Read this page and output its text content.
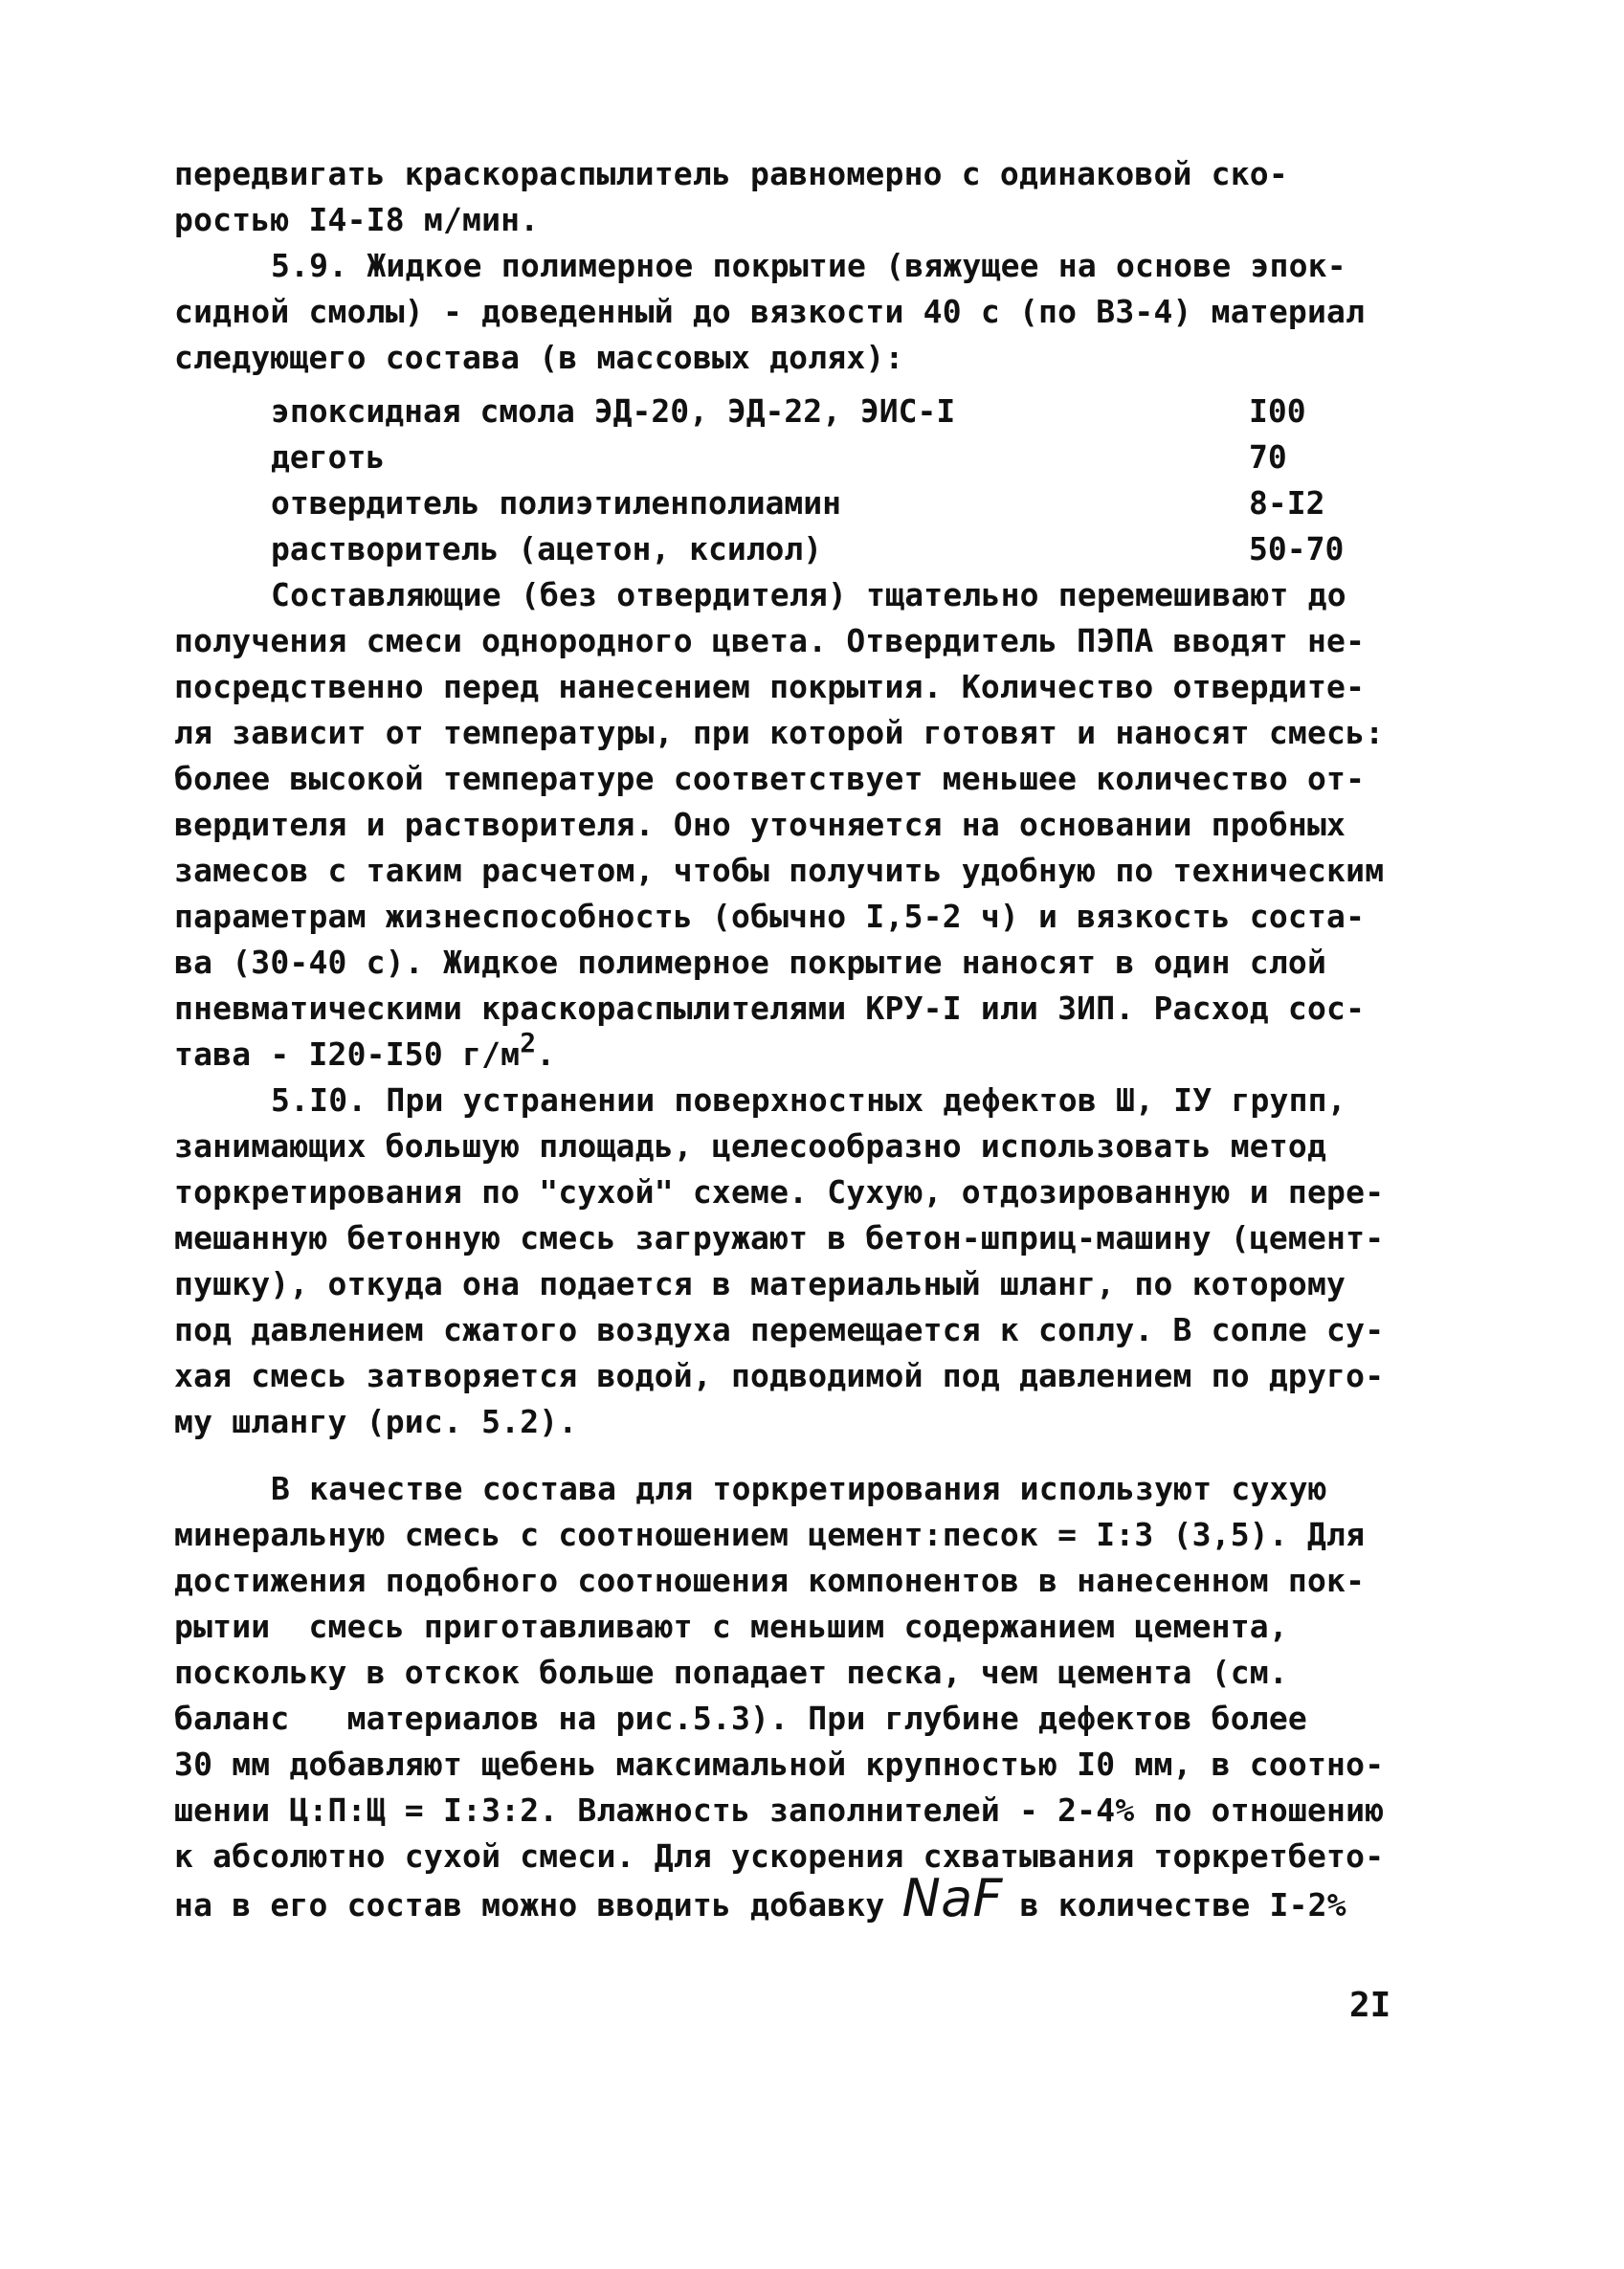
передвигать краскораспылитель равномерно с одинаковой ско-
ростью I4-I8 м/мин.
5.9. Жидкое полимерное покрытие (вяжущее на основе эпок-
сидной смолы) - доведенный до вязкости 40 с (по ВЗ-4) материал
следующего состава (в массовых долях):
эпоксидная смола ЭД-20, ЭД-22, ЭИС-I	I00
деготь	70
отвердитель полиэтиленполиамин	8-I2
растворитель (ацетон, ксилол)	50-70
Составляющие (без отвердителя) тщательно перемешивают до
получения смеси однородного цвета. Отвердитель ПЭПА вводят не-
посредственно перед нанесением покрытия. Количество отвердите-
ля зависит от температуры, при которой готовят и наносят смесь:
более высокой температуре соответствует меньшее количество от-
вердителя и растворителя. Оно уточняется на основании пробных
замесов с таким расчетом, чтобы получить удобную по техническим
параметрам жизнеспособность (обычно I,5-2 ч) и вязкость соста-
ва (30-40 с). Жидкое полимерное покрытие наносят в один слой
пневматическими краскораспылителями КРУ-I или ЗИП. Расход сос-
тава - I20-I50 $г/м^2$.
5.I0. При устранении поверхностных дефектов Ш, IУ групп,
занимающих большую площадь, целесообразно использовать метод
торкретирования по "сухой" схеме. Сухую, отдозированную и пере-
мешанную бетонную смесь загружают в бетон-шприц-машину (цемент-
пушку), откуда она подается в материальный шланг, по которому
под давлением сжатого воздуха перемещается к соплу. В сопле су-
хая смесь затворяется водой, подводимой под давлением по друго-
му шлангу (рис. 5.2).
В качестве состава для торкретирования используют сухую
минеральную смесь с соотношением цемент:песок = I:3 (3,5). Для
достижения подобного соотношения компонентов в нанесенном пок-
рытии  смесь приготавливают с меньшим содержанием цемента,
поскольку в отскок больше попадает песка, чем цемента (см.
баланс   материалов на рис.5.3). При глубине дефектов более
30 мм добавляют щебень максимальной крупностью I0 мм, в соотно-
шении Ц:П:Щ = I:3:2. Влажность заполнителей - 2-4% по отношению
к абсолютно сухой смеси. Для ускорения схватывания торкретбето-
на в его состав можно вводить добавку NaF в количестве I-2%
2I
